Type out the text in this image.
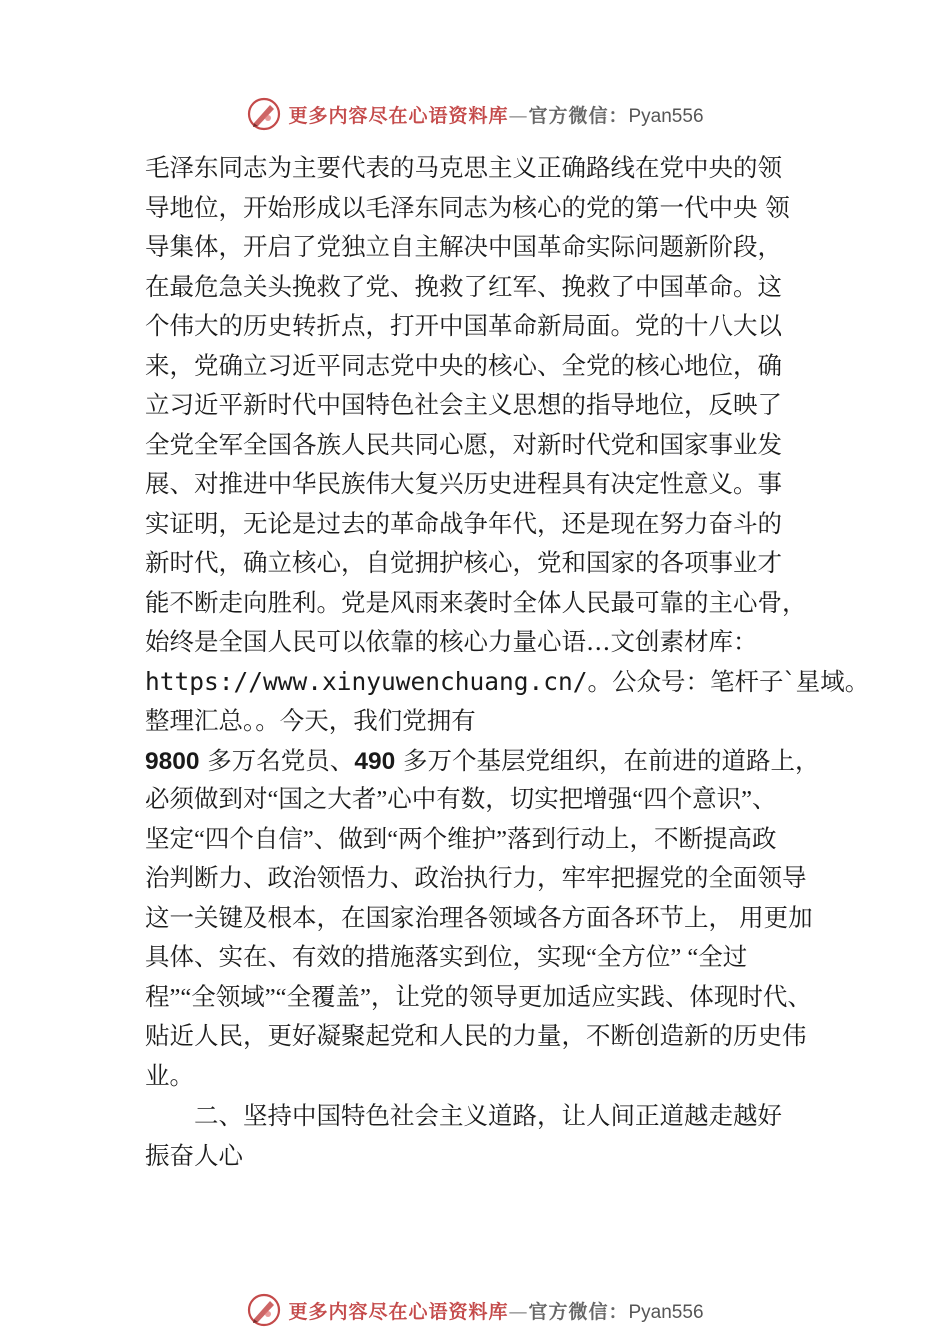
更多内容尽在心语资料库—官方微信：Pyan556
毛泽东同志为主要代表的马克思主义正确路线在党中央的领
导地位，开始形成以毛泽东同志为核心的党的第一代中央 领
导集体，开启了党独立自主解决中国革命实际问题新阶段，
在最危急关头挽救了党、挽救了红军、挽救了中国革命。这
个伟大的历史转折点，打开中国革命新局面。党的十八大以
来，党确立习近平同志党中央的核心、全党的核心地位，确
立习近平新时代中国特色社会主义思想的指导地位，反映了
全党全军全国各族人民共同心愿，对新时代党和国家事业发
展、对推进中华民族伟大复兴历史进程具有决定性意义。事
实证明，无论是过去的革命战争年代，还是现在努力奋斗的
新时代，确立核心，自觉拥护核心，党和国家的各项事业才
能不断走向胜利。党是风雨来袭时全体人民最可靠的主心骨，
始终是全国人民可以依靠的核心力量心语…文创素材库：
https://www.xinyuwenchuang.cn/。公众号：笔杆子`星域。
整理汇总。。今天，我们党拥有
9800 多万名党员、490 多万个基层党组织，在前进的道路上，
必须做到对“国之大者”心中有数，切实把增强“四个意识”、
坚定“四个自信”、做到“两个维护”落到行动上，不断提高政
治判断力、政治领悟力、政治执行力，牢牢把握党的全面领导
这一关键及根本，在国家治理各领域各方面各环节上， 用更加
具体、实在、有效的措施落实到位，实现“全方位” “全过
程”“全领域”“全覆盖”，让党的领导更加适应实践、体现时代、
贴近人民，更好凝聚起党和人民的力量，不断创造新的历史伟
业。
　　二、坚持中国特色社会主义道路，让人间正道越走越好
振奋人心
更多内容尽在心语资料库—官方微信：Pyan556
